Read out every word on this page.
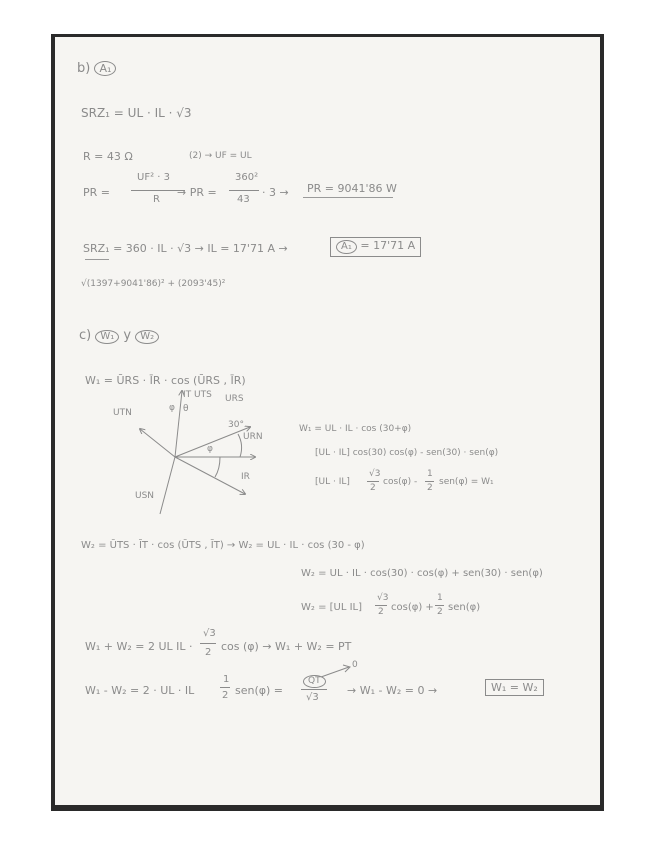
b) A₁
SRZ₁ = UL · IL · √3
R = 43 Ω	(2) → UF = UL
PR =
UF² · 3
R
→ PR =
360²
43
· 3 → PR = 9041'86 W
SRZ₁ = 360 · IL · √3 → IL = 17'71 A →	A₁ = 17'71 A
√(1397+9041'86)² + (2093'45)²
c) W₁ y W₂
W₁ = ŪRS · ĪR · cos (ŪRS , ĪR)
URS
URN
IR
UTN
USN
IT UTS
30°
φ
φ θ
W₁ = UL · IL · cos (30+φ)
[UL · IL] cos(30) cos(φ) - sen(30) · sen(φ)
[UL · IL]
√3
2
cos(φ) -
1
2
sen(φ) = W₁
W₂ = ŪTS · ĪT · cos (ŪTS , ĪT) → W₂ = UL · IL · cos (30 - φ)
W₂ = UL · IL · cos(30) · cos(φ) + sen(30) · sen(φ)
W₂ = [UL IL]
√3
2 cos(φ) +
1
2 sen(φ)
W₁ + W₂ = 2 UL IL ·
√3
2 cos (φ) → W₁ + W₂ = PT
W₁ - W₂ = 2 · UL · IL
1
2 sen(φ) =
QT
0
√3
→ W₁ - W₂ = 0 →	W₁ = W₂
